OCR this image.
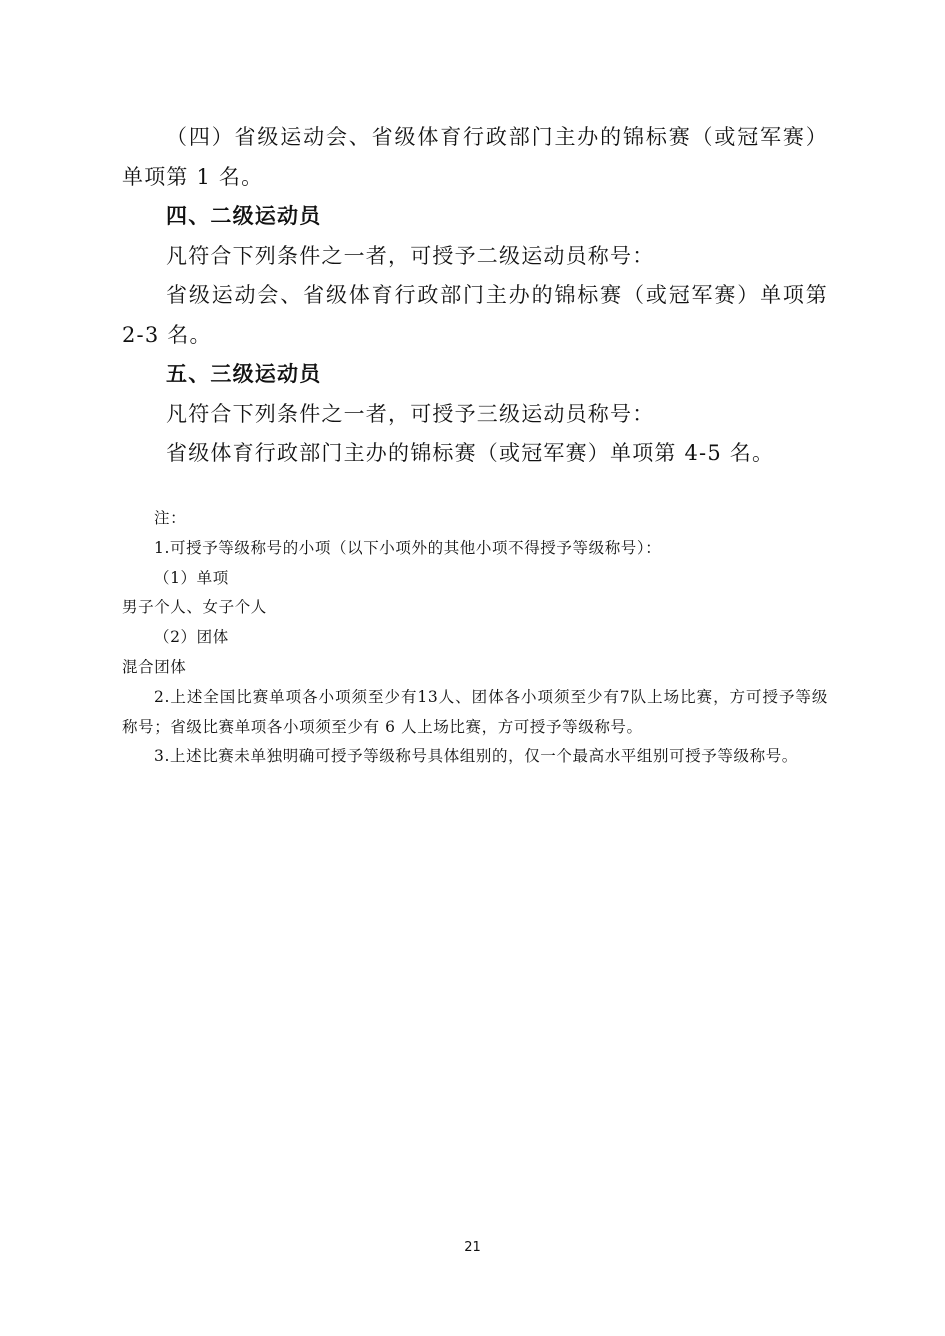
（四）省级运动会、省级体育行政部门主办的锦标赛（或冠军赛）单项第 1 名。

四、二级运动员

凡符合下列条件之一者，可授予二级运动员称号：

省级运动会、省级体育行政部门主办的锦标赛（或冠军赛）单项第 2-3 名。

五、三级运动员

凡符合下列条件之一者，可授予三级运动员称号：

省级体育行政部门主办的锦标赛（或冠军赛）单项第 4-5 名。

注：

1.可授予等级称号的小项（以下小项外的其他小项不得授予等级称号）：

（1）单项

男子个人、女子个人

（2）团体

混合团体

2.上述全国比赛单项各小项须至少有13人、团体各小项须至少有7队上场比赛，方可授予等级称号；省级比赛单项各小项须至少有 6 人上场比赛，方可授予等级称号。

3.上述比赛未单独明确可授予等级称号具体组别的，仅一个最高水平组别可授予等级称号。

21
